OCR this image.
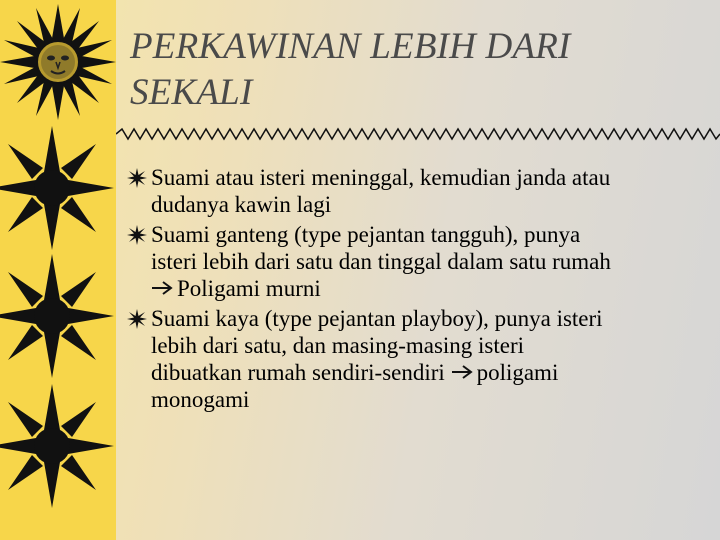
PERKAWINAN LEBIH DARI
SEKALI
Suami atau isteri meninggal, kemudian janda atau
dudanya kawin lagi
Suami ganteng (type pejantan tangguh), punya
isteri lebih dari satu dan tinggal dalam satu rumah
Poligami murni
Suami kaya (type pejantan playboy), punya isteri
lebih dari satu, dan masing-masing isteri
dibuatkan rumah sendiri-sendiri poligami
monogami
